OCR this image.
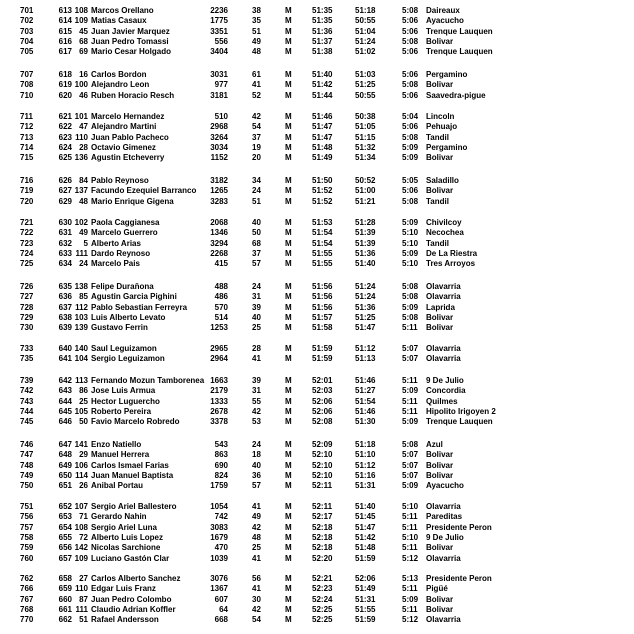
701	613 108 Marcos Orellano	2236	38	M	51:35	51:18	5:08 Daireaux
702	614 109 Matias Casaux	1775	35	M	51:35	50:55	5:06 Ayacucho
703	615 45 Juan Javier Marquez	3351	51	M	51:36	51:04	5:06 Trenque Lauquen
704	616 68 Juan Pedro Tomassi	556	49	M	51:37	51:24	5:08 Bolivar
705	617 69 Mario Cesar Holgado	3404	48	M	51:38	51:02	5:06 Trenque Lauquen
707	618 16 Carlos Bordon	3031	61	M	51:40	51:03	5:06 Pergamino
708	619 100 Alejandro Leon	977	41	M	51:42	51:25	5:08 Bolivar
710	620 46 Ruben Horacio Resch	3181	52	M	51:44	50:55	5:06 Saavedra-pigue
711	621 101 Marcelo Hernandez	510	42	M	51:46	50:38	5:04 Lincoln
712	622 47 Alejandro Martini	2968	54	M	51:47	51:05	5:06 Pehuajo
713	623 110 Juan Pablo Pacheco	3264	37	M	51:47	51:15	5:08 Tandil
714	624 28 Octavio Gimenez	3034	19	M	51:48	51:32	5:09 Pergamino
715	625 136 Agustin Etcheverry	1152	20	M	51:49	51:34	5:09 Bolivar
716	626 84 Pablo Reynoso	3182	34	M	51:50	50:52	5:05 Saladillo
719	627 137 Facundo Ezequiel Barranco	1265	24	M	51:52	51:00	5:06 Bolivar
720	629 48 Mario Enrique Gigena	3283	51	M	51:52	51:21	5:08 Tandil
721	630 102 Paola Caggianesa	2068	40	M	51:53	51:28	5:09 Chivilcoy
722	631 49 Marcelo Guerrero	1346	50	M	51:54	51:39	5:10 Necochea
723	632	5 Alberto Arias	3294	68	M	51:54	51:39	5:10 Tandil
724	633 111 Dardo Reynoso	2268	37	M	51:55	51:36	5:09 De La Riestra
725	634 24 Marcelo Pais	415	57	M	51:55	51:40	5:10 Tres Arroyos
726	635 138 Felipe Duraňona	488	24	M	51:56	51:24	5:08 Olavarria
727	636 85 Agustin Garcia Pighini	486	31	M	51:56	51:24	5:08 Olavarria
728	637 112 Pablo Sebastian Ferreyra	570	39	M	51:56	51:36	5:09 Laprida
729	638 103 Luis Alberto Levato	514	40	M	51:57	51:25	5:08 Bolivar
730	639 139 Gustavo Ferrin	1253	25	M	51:58	51:47	5:11	Bolivar
733	640 140 Saul Leguizamon	2965	28	M	51:59	51:12	5:07 Olavarria
735	641 104 Sergio Leguizamon	2964	41	M	51:59	51:13	5:07 Olavarria
739	642 113 Fernando Mozun Tamborenea 1663	39	M	52:01	51:46	5:11	9 De Julio
742	643 86 Jose Luis Armua	2179	31	M	52:03	51:27	5:09 Concordia
743	644 25 Hector Luguercho	1333	55	M	52:06	51:54	5:11	Quilmes
744	645 105 Roberto Pereira	2678	42	M	52:06	51:46	5:11	Hipolito Irigoyen 2
745	646 50 Favio Marcelo Robredo	3378	53	M	52:08	51:30	5:09 Trenque Lauquen
746	647 141 Enzo Natiello	543	24	M	52:09	51:18	5:08 Azul
747	648 29 Manuel Herrera	863	18	M	52:10	51:10	5:07 Bolivar
748	649 106 Carlos Ismael Farias	690	40	M	52:10	51:12	5:07 Bolivar
749	650 114 Juan Manuel Baptista	824	36	M	52:10	51:16	5:07 Bolivar
750	651 26 Anibal Portau	1759	57	M	52:11	51:31	5:09 Ayacucho
751	652 107 Sergio Ariel Ballestero	1054	41	M	52:11	51:40	5:10 Olavarria
756	653 71 Gerardo Nahin	742	49	M	52:17	51:45	5:11	Pareditas
757	654 108 Sergio Ariel Luna	3083	42	M	52:18	51:47	5:11	Presidente Peron
758	655 72 Alberto Luis Lopez	1679	48	M	52:18	51:42	5:10 9 De Julio
759	656 142 Nicolas Sarchione	470	25	M	52:18	51:48	5:11	Bolivar
760	657 109 Luciano Gastón Clar	1039	41	M	52:20	51:59	5:12 Olavarria
762	658 27 Carlos Alberto Sanchez	3076	56	M	52:21	52:06	5:13 Presidente Peron
766	659 110 Edgar Luis Franz	1367	41	M	52:23	51:49	5:11	Pigüé
767	660 87 Juan Pedro Colombo	607	30	M	52:24	51:31	5:09 Bolivar
768	661 111 Claudio Adrian Koffler	64	42	M	52:25	51:55	5:11	Bolivar
770	662 51 Rafael Andersson	668	54	M	52:25	51:59	5:12 Olavarria
